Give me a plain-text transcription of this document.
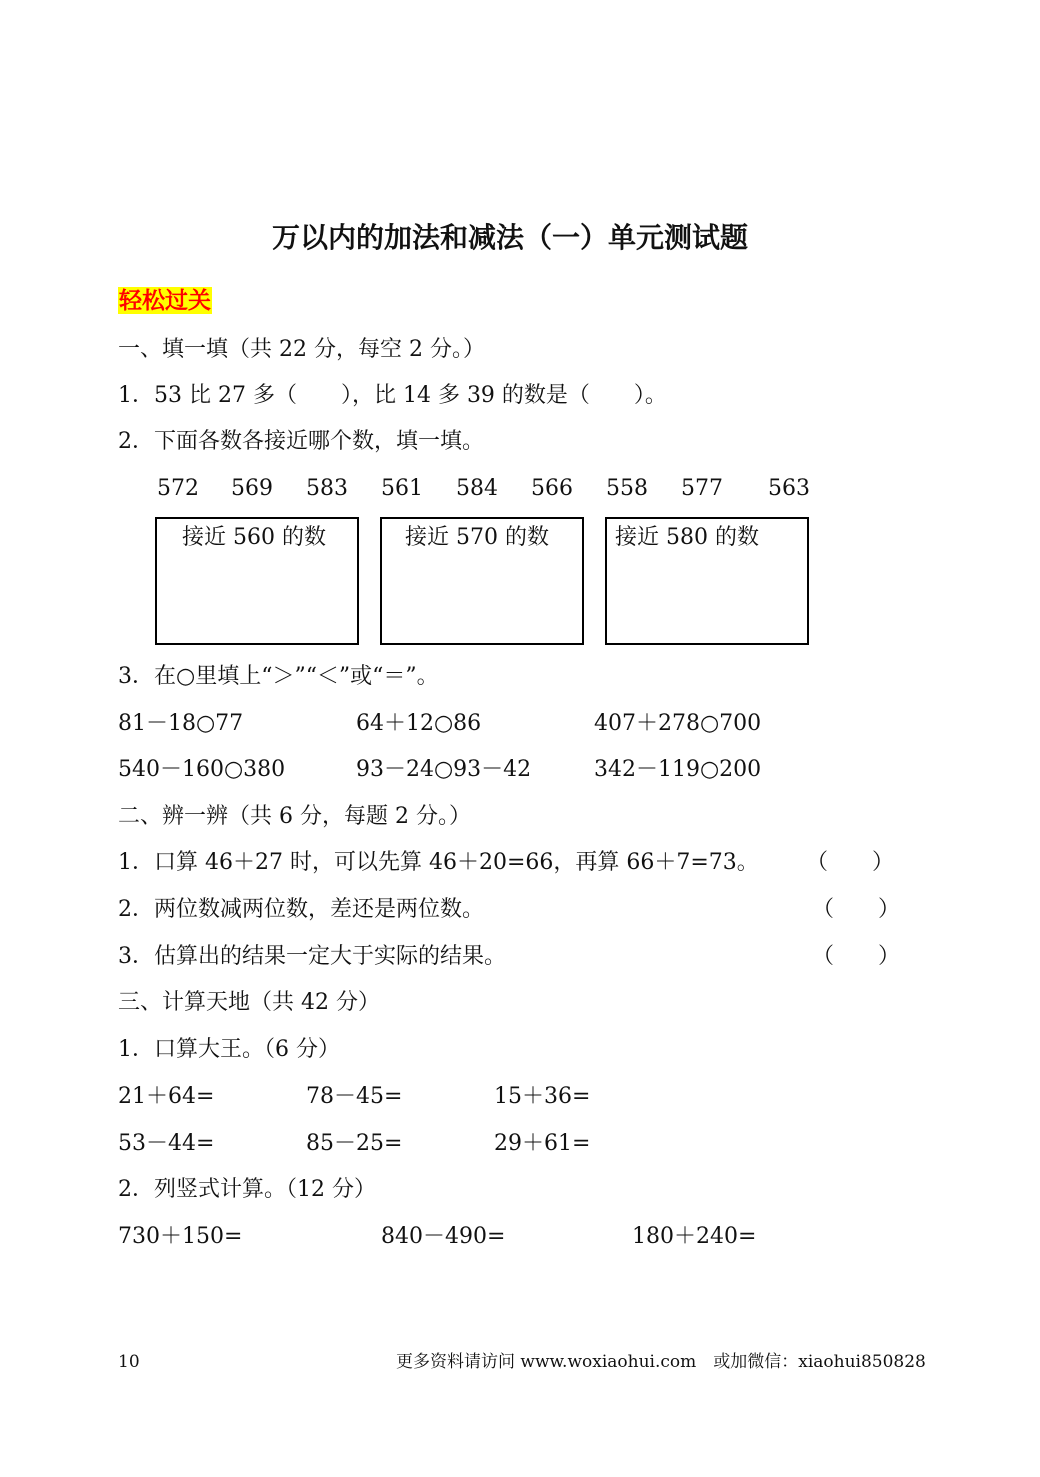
万以内的加法和减法（一）单元测试题
轻松过关
一、填一填（共 22 分，每空 2 分。）
1．53 比 27 多（　　），比 14 多 39 的数是（　　）。
2．下面各数各接近哪个数，填一填。
572 569 583 561 584 566 558 577 563
接近 560 的数	接近 570 的数	接近 580 的数
3．在○里填上“＞”“＜”或“＝”。
81－18○77	64＋12○86	407＋278○700
540－160○380	93－24○93－42	342－119○200
二、辨一辨（共 6 分，每题 2 分。）
1．口算 46＋27 时，可以先算 46＋20=66，再算 66＋7=73。 （　　）
2．两位数减两位数，差还是两位数。	（　　）
3．估算出的结果一定大于实际的结果。	（　　）
三、计算天地（共 42 分）
1．口算大王。（6 分）
21＋64=	78－45=	15＋36=
53－44=	85－25=	29＋61=
2．列竖式计算。（12 分）
730＋150=	840－490=	180＋240=
10	更多资料请访问 www.woxiaohui.com　或加微信：xiaohui850828
